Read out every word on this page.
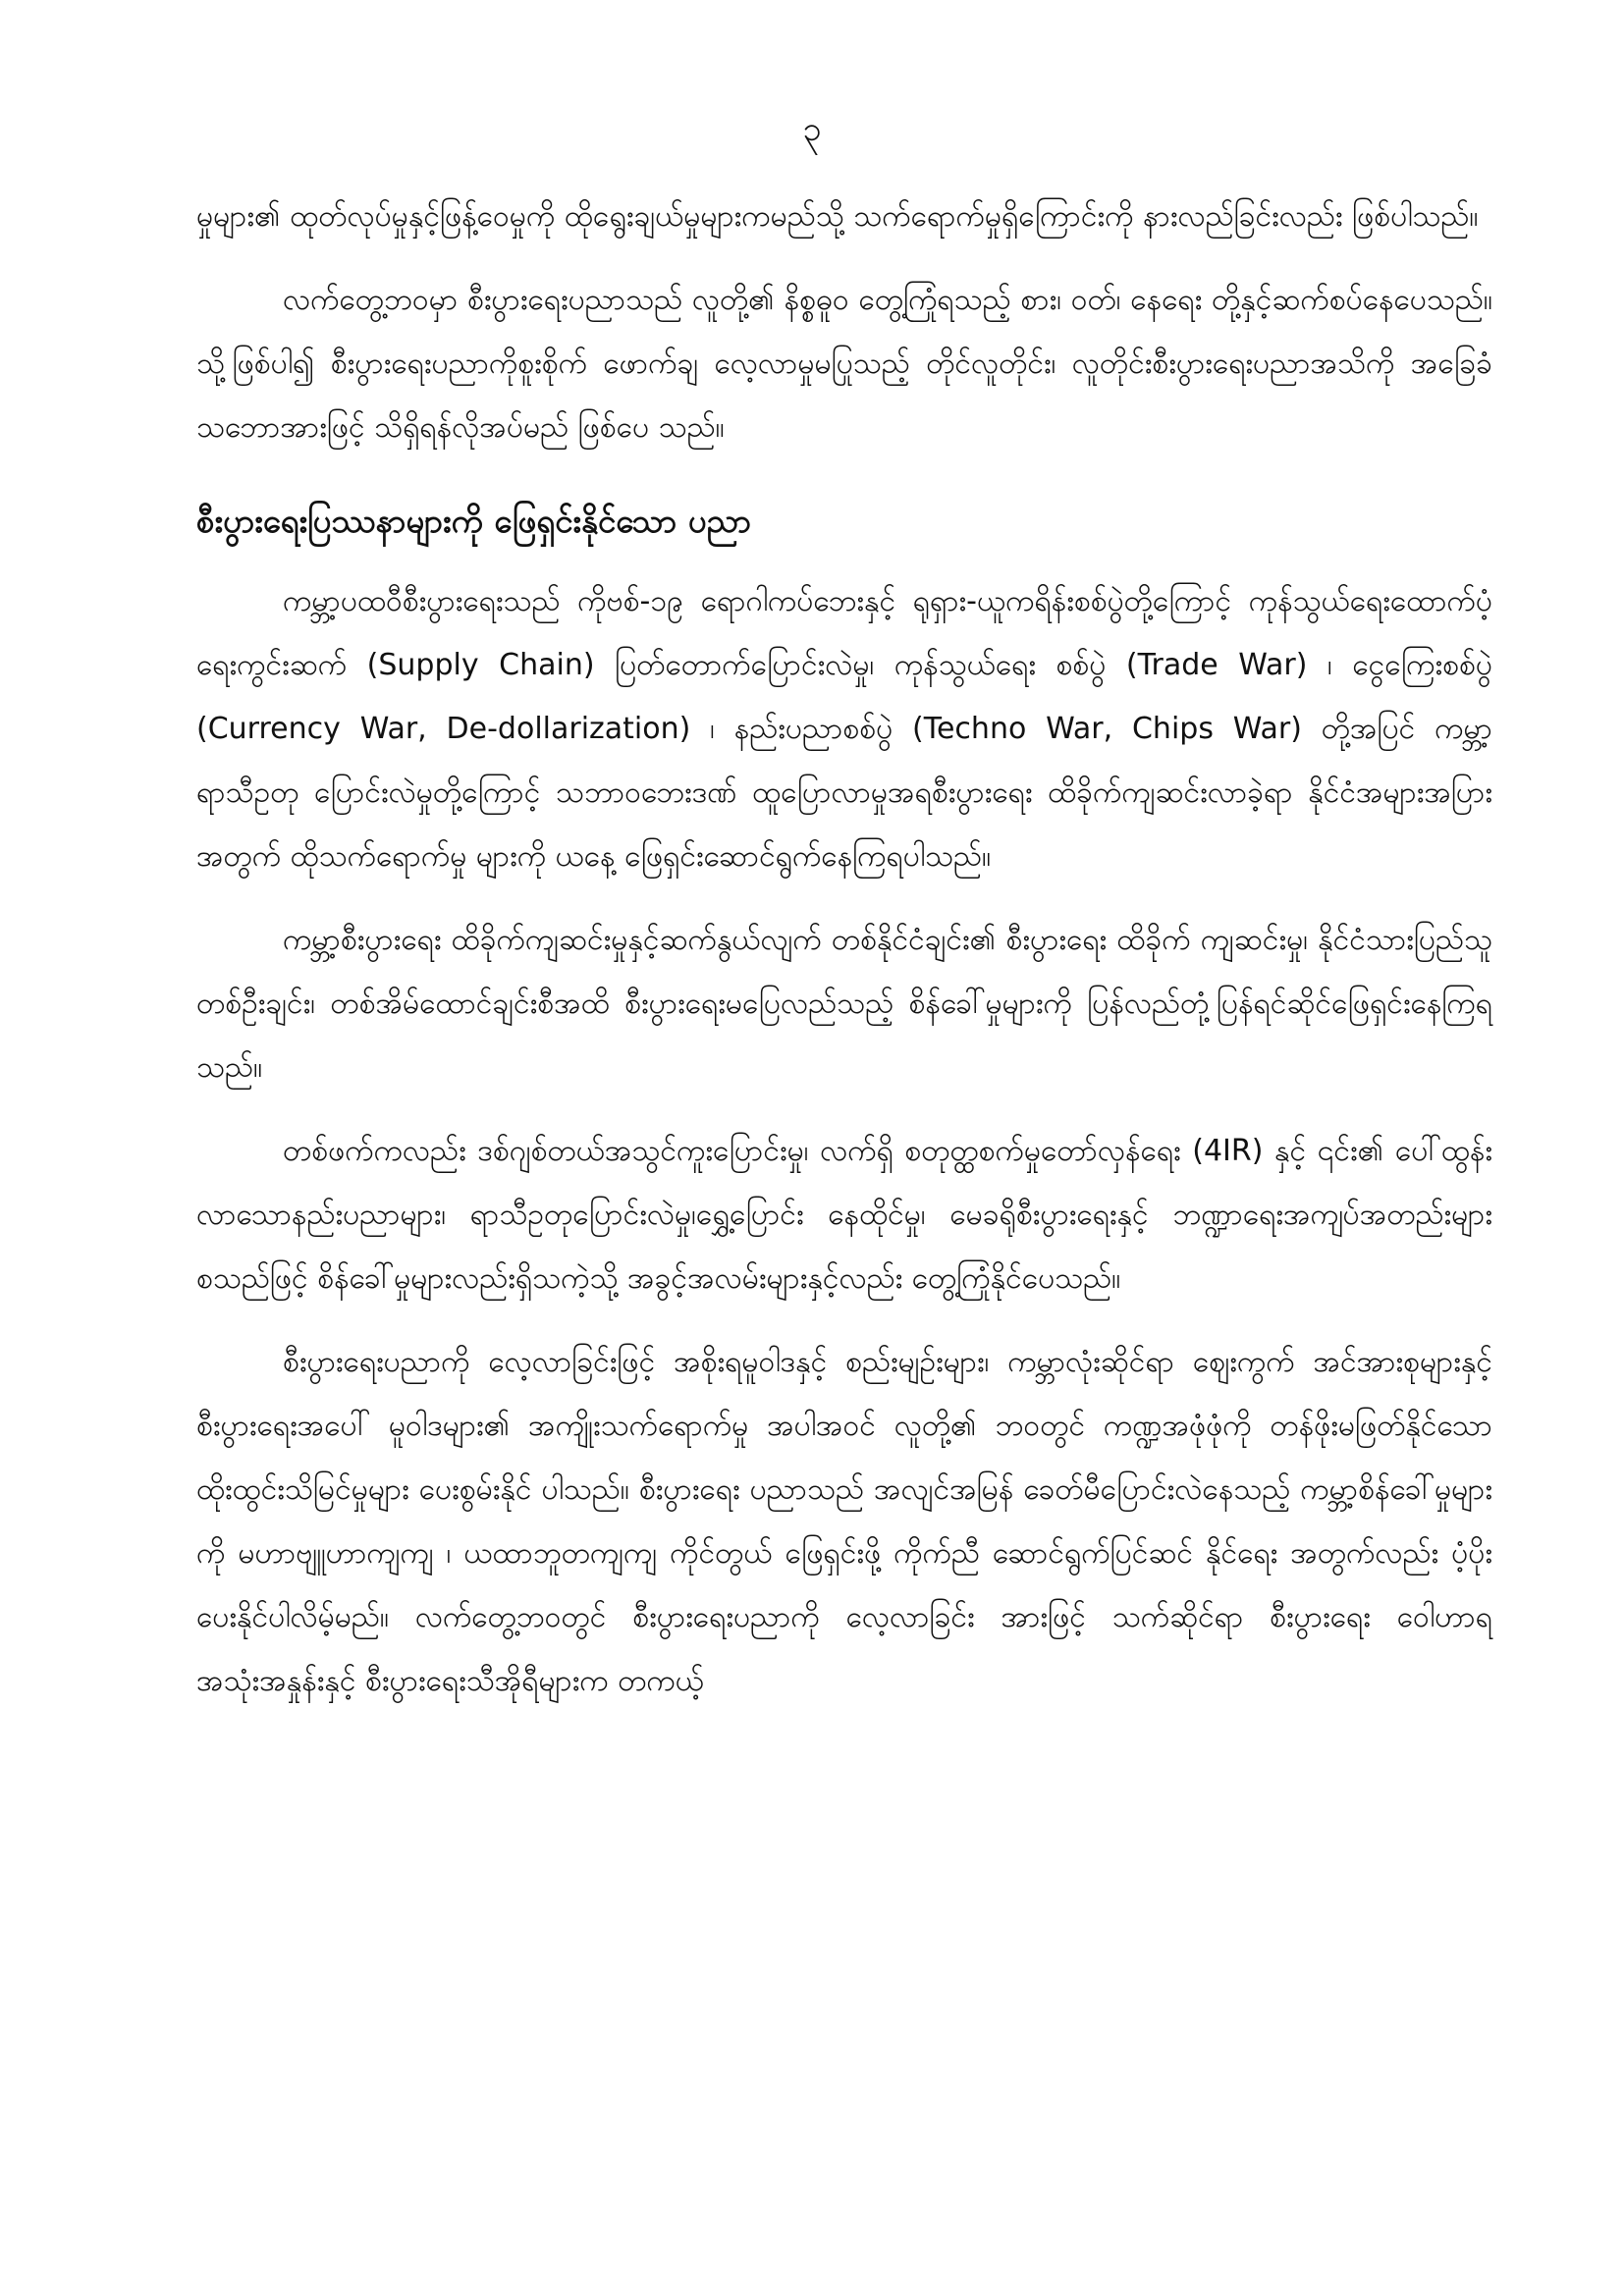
၃

မှုများ၏ ထုတ်လုပ်မှုနှင့်ဖြန့်ဝေမှုကို ထိုရွေးချယ်မှုများကမည်သို့ သက်ရောက်မှုရှိကြောင်းကို နားလည်ခြင်းလည်း ဖြစ်ပါသည်။

လက်တွေ့ဘဝမှာ စီးပွားရေးပညာသည် လူတို့၏ နိစ္စဓူဝ တွေ့ကြုံရသည့် စား၊ ဝတ်၊ နေရေး တို့နှင့်ဆက်စပ်နေပေသည်။ သို့ဖြစ်ပါ၍ စီးပွားရေးပညာကိုစူးစိုက် ဖောက်ချ လေ့လာမှုမပြုသည့် တိုင်လူတိုင်း၊ လူတိုင်းစီးပွားရေးပညာအသိကို အခြေခံသဘောအားဖြင့် သိရှိရန်လိုအပ်မည် ဖြစ်ပေ သည်။

စီးပွားရေးပြဿနာများကို ဖြေရှင်းနိုင်သော ပညာ

ကမ္ဘာ့ပထဝီစီးပွားရေးသည် ကိုဗစ်-၁၉ ရောဂါကပ်ဘေးနှင့် ရုရှား-ယူကရိန်းစစ်ပွဲတို့ကြောင့် ကုန်သွယ်ရေးထောက်ပံ့ရေးကွင်းဆက် (Supply Chain) ပြတ်တောက်ပြောင်းလဲမှု၊ ကုန်သွယ်ရေး စစ်ပွဲ (Trade War) ၊ ငွေကြေးစစ်ပွဲ (Currency War, De-dollarization) ၊ နည်းပညာစစ်ပွဲ (Techno War, Chips War) တို့အပြင် ကမ္ဘာ့ရာသီဥတု ပြောင်းလဲမှုတို့ကြောင့် သဘာဝဘေးဒဏ် ထူပြောလာမှုအရစီးပွားရေး ထိခိုက်ကျဆင်းလာခဲ့ရာ နိုင်ငံအများအပြားအတွက် ထိုသက်ရောက်မှု များကို ယနေ့ ဖြေရှင်းဆောင်ရွက်နေကြရပါသည်။

ကမ္ဘာ့စီးပွားရေး ထိခိုက်ကျဆင်းမှုနှင့်ဆက်နွယ်လျက် တစ်နိုင်ငံချင်း၏ စီးပွားရေး ထိခိုက် ကျဆင်းမှု၊ နိုင်ငံသားပြည်သူတစ်ဦးချင်း၊ တစ်အိမ်ထောင်ချင်းစီအထိ စီးပွားရေးမပြေလည်သည့် စိန်ခေါ်မှုများကို ပြန်လည်တုံ့ပြန်ရင်ဆိုင်ဖြေရှင်းနေကြရသည်။

တစ်ဖက်ကလည်း ဒစ်ဂျစ်တယ်အသွင်ကူးပြောင်းမှု၊ လက်ရှိ စတုတ္ထစက်မှုတော်လှန်ရေး (4IR) နှင့် ၎င်း၏ ပေါ်ထွန်းလာသောနည်းပညာများ၊ ရာသီဥတုပြောင်းလဲမှု၊ရွှေ့ပြောင်း နေထိုင်မှု၊ မေခရိုစီးပွားရေးနှင့် ဘဏ္ဍာရေးအကျပ်အတည်းများစသည်ဖြင့် စိန်ခေါ်မှုများလည်းရှိသကဲ့သို့ အခွင့်အလမ်းများနှင့်လည်း တွေ့ကြုံနိုင်ပေသည်။

စီးပွားရေးပညာကို လေ့လာခြင်းဖြင့် အစိုးရမူဝါဒနှင့် စည်းမျဉ်းများ၊ ကမ္ဘာလုံးဆိုင်ရာ ဈေးကွက် အင်အားစုများနှင့် စီးပွားရေးအပေါ် မူဝါဒများ၏ အကျိုးသက်ရောက်မှု အပါအဝင် လူတို့၏ ဘဝတွင် ကဏ္ဍအဖုံဖုံကို တန်ဖိုးမဖြတ်နိုင်သော ထိုးထွင်းသိမြင်မှုများ ပေးစွမ်းနိုင် ပါသည်။ စီးပွားရေး ပညာသည် အလျင်အမြန် ခေတ်မီပြောင်းလဲနေသည့် ကမ္ဘာ့စိန်ခေါ်မှုများကို မဟာဗျူဟာကျကျ ၊ ယထာဘူတကျကျ ကိုင်တွယ် ဖြေရှင်းဖို့ ကိုက်ညီ ဆောင်ရွက်ပြင်ဆင် နိုင်ရေး အတွက်လည်း ပံ့ပိုးပေးနိုင်ပါလိမ့်မည်။ လက်တွေ့ဘဝတွင် စီးပွားရေးပညာကို လေ့လာခြင်း အားဖြင့် သက်ဆိုင်ရာ စီးပွားရေး ဝေါဟာရအသုံးအနှုန်းနှင့် စီးပွားရေးသီအိုရီများက တကယ့်
